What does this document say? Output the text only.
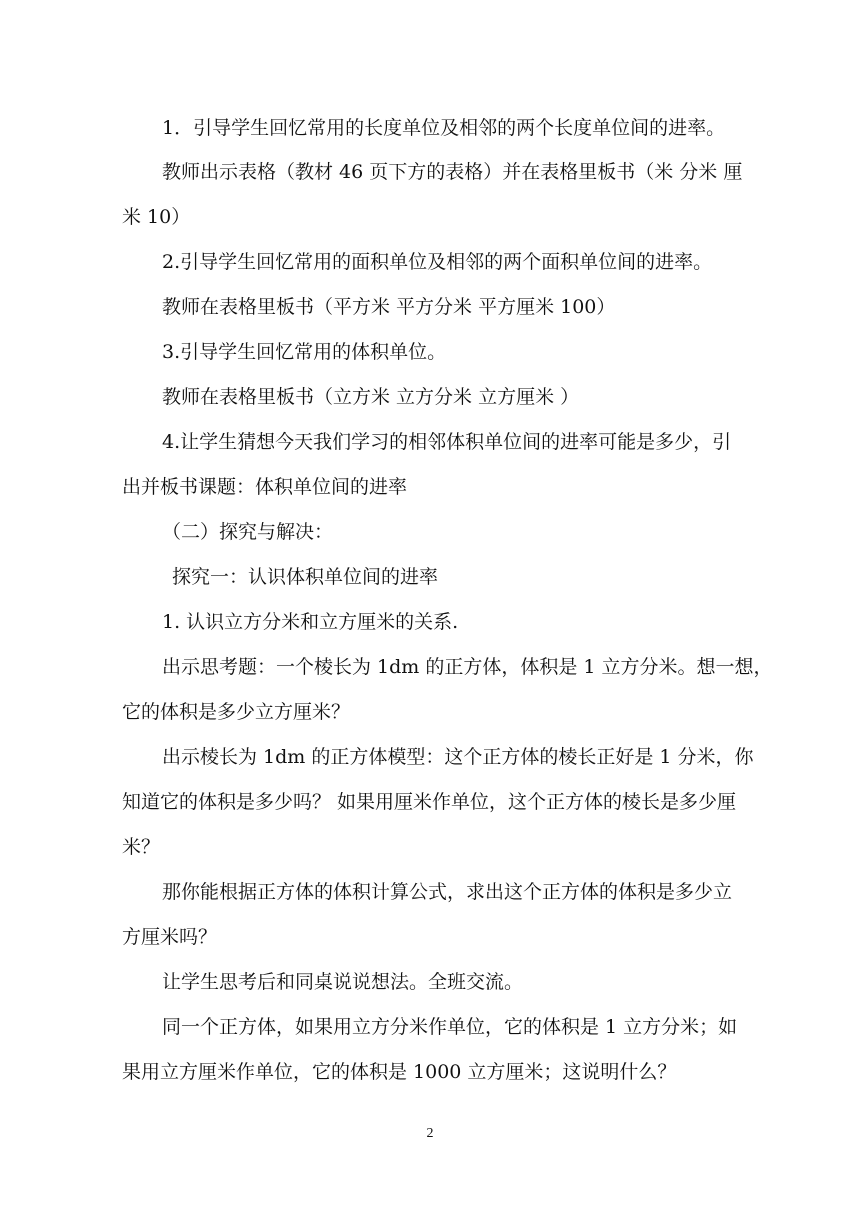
1．引导学生回忆常用的长度单位及相邻的两个长度单位间的进率。
教师出示表格（教材 46 页下方的表格）并在表格里板书（米 分米 厘
米 10）
2.引导学生回忆常用的面积单位及相邻的两个面积单位间的进率。
教师在表格里板书（平方米 平方分米 平方厘米 100）
3.引导学生回忆常用的体积单位。
教师在表格里板书（立方米 立方分米 立方厘米 ）
4.让学生猜想今天我们学习的相邻体积单位间的进率可能是多少，引
出并板书课题：体积单位间的进率
（二）探究与解决：
探究一：认识体积单位间的进率
1. 认识立方分米和立方厘米的关系.
出示思考题：一个棱长为 1dm 的正方体，体积是 1 立方分米。想一想，
它的体积是多少立方厘米？
出示棱长为 1dm 的正方体模型：这个正方体的棱长正好是 1 分米，你
知道它的体积是多少吗？ 如果用厘米作单位，这个正方体的棱长是多少厘
米？
那你能根据正方体的体积计算公式，求出这个正方体的体积是多少立
方厘米吗？
让学生思考后和同桌说说想法。全班交流。
同一个正方体，如果用立方分米作单位，它的体积是 1 立方分米；如
果用立方厘米作单位，它的体积是 1000 立方厘米；这说明什么？
2
